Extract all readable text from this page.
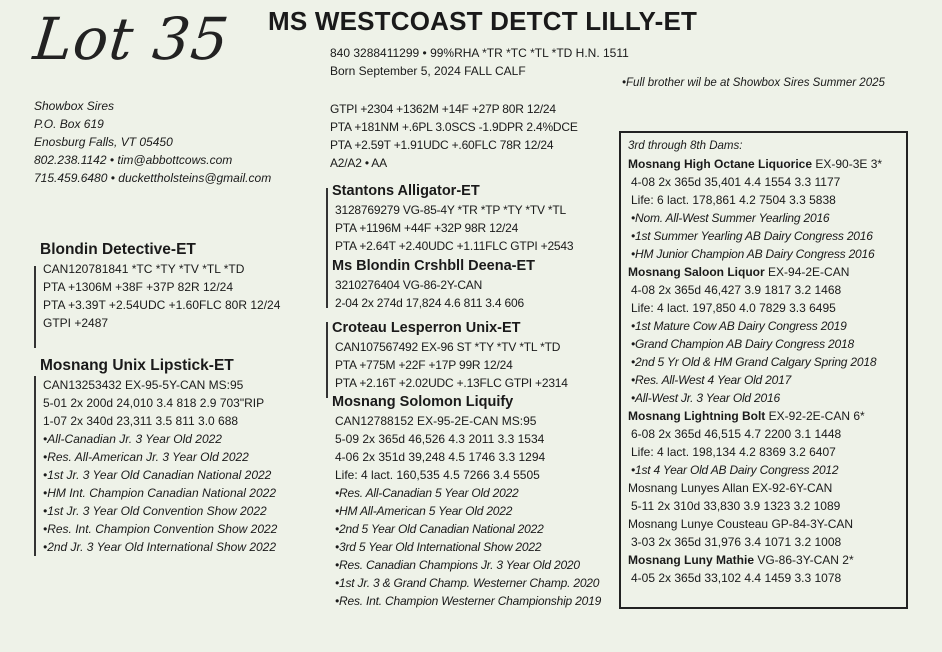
Lot 35 MS WESTCOAST DETCT LILLY-ET
840 3288411299 • 99%RHA *TR *TC *TL *TD H.N. 1511
Born September 5, 2024 FALL CALF
•Full brother wil be at Showbox Sires Summer 2025
Showbox Sires
P.O. Box 619
Enosburg Falls, VT 05450
802.238.1142 • tim@abbottcows.com
715.459.6480 • duckettholsteins@gmail.com
GTPI +2304 +1362M +14F +27P 80R 12/24
PTA +181NM +.6PL 3.0SCS -1.9DPR 2.4%DCE
PTA +2.59T +1.91UDC +.60FLC 78R 12/24
A2/A2 • AA
Blondin Detective-ET
CAN120781841 *TC *TY *TV *TL *TD
PTA +1306M +38F +37P 82R 12/24
PTA +3.39T +2.54UDC +1.60FLC 80R 12/24
GTPI +2487
Mosnang Unix Lipstick-ET
CAN13253432 EX-95-5Y-CAN MS:95
5-01 2x 200d 24,010 3.4 818 2.9 703"RIP
1-07 2x 340d 23,311 3.5 811 3.0 688
•All-Canadian Jr. 3 Year Old 2022
•Res. All-American Jr. 3 Year Old 2022
•1st Jr. 3 Year Old Canadian National 2022
•HM Int. Champion Canadian National 2022
•1st Jr. 3 Year Old Convention Show 2022
•Res. Int. Champion Convention Show 2022
•2nd Jr. 3 Year Old International Show 2022
Stantons Alligator-ET
3128769279 VG-85-4Y *TR *TP *TY *TV *TL
PTA +1196M +44F +32P 98R 12/24
PTA +2.64T +2.40UDC +1.11FLC GTPI +2543
Ms Blondin Crshbll Deena-ET
3210276404 VG-86-2Y-CAN
2-04 2x 274d 17,824 4.6 811 3.4 606
Croteau Lesperron Unix-ET
CAN107567492 EX-96 ST *TY *TV *TL *TD
PTA +775M +22F +17P 99R 12/24
PTA +2.16T +2.02UDC +.13FLC GTPI +2314
Mosnang Solomon Liquify
CAN12788152 EX-95-2E-CAN MS:95
5-09 2x 365d 46,526 4.3 2011 3.3 1534
4-06 2x 351d 39,248 4.5 1746 3.3 1294
Life: 4 lact. 160,535 4.5 7266 3.4 5505
•Res. All-Canadian 5 Year Old 2022
•HM All-American 5 Year Old 2022
•2nd 5 Year Old Canadian National 2022
•3rd 5 Year Old International Show 2022
•Res. Canadian Champions Jr. 3 Year Old 2020
•1st Jr. 3 & Grand Champ. Westerner Champ. 2020
•Res. Int. Champion Westerner Championship 2019
3rd through 8th Dams:
Mosnang High Octane Liquorice EX-90-3E 3*
4-08 2x 365d 35,401 4.4 1554 3.3 1177
Life: 6 lact. 178,861 4.2 7504 3.3 5838
•Nom. All-West Summer Yearling 2016
•1st Summer Yearling AB Dairy Congress 2016
•HM Junior Champion AB Dairy Congress 2016
Mosnang Saloon Liquor EX-94-2E-CAN
4-08 2x 365d 46,427 3.9 1817 3.2 1468
Life: 4 lact. 197,850 4.0 7829 3.3 6495
•1st Mature Cow AB Dairy Congress 2019
•Grand Champion AB Dairy Congress 2018
•2nd 5 Yr Old & HM Grand Calgary Spring 2018
•Res. All-West 4 Year Old 2017
•All-West Jr. 3 Year Old 2016
Mosnang Lightning Bolt EX-92-2E-CAN 6*
6-08 2x 365d 46,515 4.7 2200 3.1 1448
Life: 4 lact. 198,134 4.2 8369 3.2 6407
•1st 4 Year Old AB Dairy Congress 2012
Mosnang Lunyes Allan EX-92-6Y-CAN
5-11 2x 310d 33,830 3.9 1323 3.2 1089
Mosnang Lunye Cousteau GP-84-3Y-CAN
3-03 2x 365d 31,976 3.4 1071 3.2 1008
Mosnang Luny Mathie VG-86-3Y-CAN 2*
4-05 2x 365d 33,102 4.4 1459 3.3 1078
